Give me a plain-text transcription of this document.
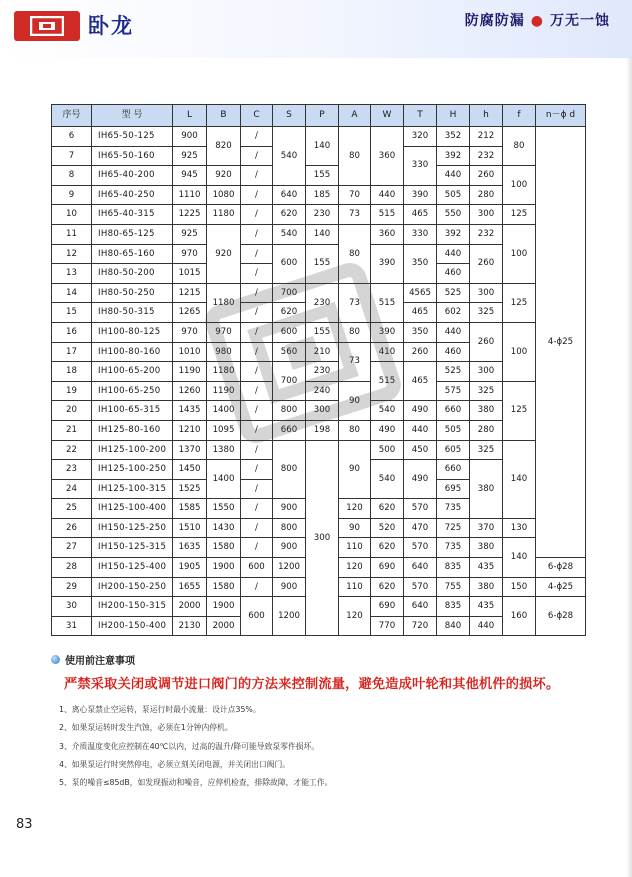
卧龙	防腐防漏 ● 万无一蚀
序号	型 号	L	B	C	S	P	A	W	T	H	h	f	n－ϕ d
6	IH65-50-125	900	820	/	540	140	80	360	320	352	212	80	4-ϕ25
7	IH65-50-160	925		/					330	392	232		
8	IH65-40-200	945	920	/		155				440	260	100	
9	IH65-40-250	1110	1080	/	640	185	70	440	390	505	280		
10	IH65-40-315	1225	1180	/	620	230	73	515	465	550	300	125	
11	IH80-65-125	925	920	/	540	140	80	360	330	392	232	100	
12	IH80-65-160	970		/	600	155		390	350	440	260		
13	IH80-50-200	1015		/						460			
14	IH80-50-250	1215	1180	/	700	230	73	515	4565	525	300	125	
15	IH80-50-315	1265		/	620				465	602	325		
16	IH100-80-125	970	970	/	600	155	80	390	350	440	260	100	
17	IH100-80-160	1010	980	/	560	210	73	410	260	460			
18	IH100-65-200	1190	1180	/	700	230		515	465	525	300		
19	IH100-65-250	1260	1190	/		240	90			575	325	125	
20	IH100-65-315	1435	1400	/	800	300		540	490	660	380		
21	IH125-80-160	1210	1095	/	660	198	80	490	440	505	280		
22	IH125-100-200	1370	1380	/	800	300	90	500	450	605	325	140	
23	IH125-100-250	1450	1400	/				540	490	660	380		
24	IH125-100-315	1525		/						695			
25	IH125-100-400	1585	1550	/	900		120	620	570	735			
26	IH150-125-250	1510	1430	/	800		90	520	470	725	370	130	
27	IH150-125-315	1635	1580	/	900		110	620	570	735	380	140	
28	IH150-125-400	1905	1900	600	1200		120	690	640	835	435		6-ϕ28
29	IH200-150-250	1655	1580	/	900		110	620	570	755	380	150	4-ϕ25
30	IH200-150-315	2000	1900	600	1200		120	690	640	835	435	160	6-ϕ28
31	IH200-150-400	2130	2000					770	720	840	440		
使用前注意事项
严禁采取关闭或调节进口阀门的方法来控制流量，避免造成叶轮和其他机件的损坏。
1、离心泵禁止空运转，泵运行时最小流量：设计点35%。
2、如果泵运转时发生汽蚀，必须在1分钟内停机。
3、介质温度变化应控制在40℃以内，过高的温升/降可能导致泵零件损坏。
4、如果泵运行时突然停电，必须立刻关闭电源，并关闭出口阀门。
5、泵的噪音≤85dB，如发现振动和噪音，应停机检查，排除故障，才能工作。
83
